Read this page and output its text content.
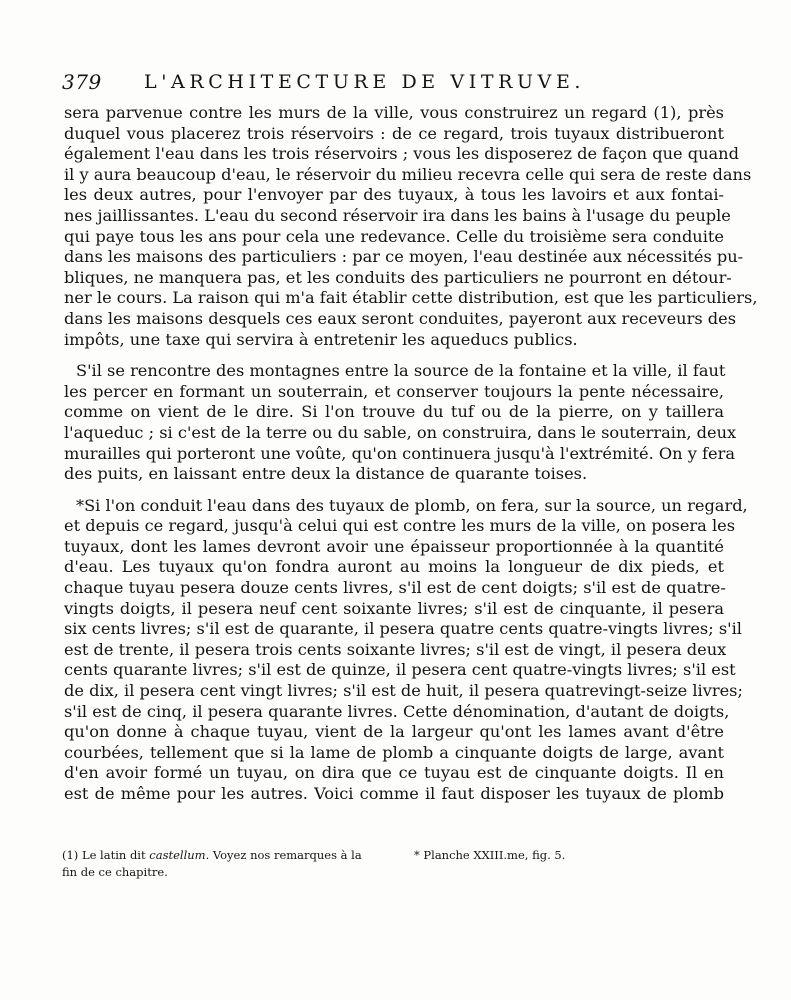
379 L'ARCHITECTURE DE VITRUVE.
sera parvenue contre les murs de la ville, vous construirez un regard (1), près
duquel vous placerez trois réservoirs : de ce regard, trois tuyaux distribueront
également l'eau dans les trois réservoirs ; vous les disposerez de façon que quand
il y aura beaucoup d'eau, le réservoir du milieu recevra celle qui sera de reste dans
les deux autres, pour l'envoyer par des tuyaux, à tous les lavoirs et aux fontai-
nes jaillissantes. L'eau du second réservoir ira dans les bains à l'usage du peuple
qui paye tous les ans pour cela une redevance. Celle du troisième sera conduite
dans les maisons des particuliers : par ce moyen, l'eau destinée aux nécessités pu-
bliques, ne manquera pas, et les conduits des particuliers ne pourront en détour-
ner le cours. La raison qui m'a fait établir cette distribution, est que les particuliers,
dans les maisons desquels ces eaux seront conduites, payeront aux receveurs des
impôts, une taxe qui servira à entretenir les aqueducs publics.
S'il se rencontre des montagnes entre la source de la fontaine et la ville, il faut
les percer en formant un souterrain, et conserver toujours la pente nécessaire,
comme on vient de le dire. Si l'on trouve du tuf ou de la pierre, on y taillera
l'aqueduc ; si c'est de la terre ou du sable, on construira, dans le souterrain, deux
murailles qui porteront une voûte, qu'on continuera jusqu'à l'extrémité. On y fera
des puits, en laissant entre deux la distance de quarante toises.
*Si l'on conduit l'eau dans des tuyaux de plomb, on fera, sur la source, un regard,
et depuis ce regard, jusqu'à celui qui est contre les murs de la ville, on posera les
tuyaux, dont les lames devront avoir une épaisseur proportionnée à la quantité
d'eau. Les tuyaux qu'on fondra auront au moins la longueur de dix pieds, et
chaque tuyau pesera douze cents livres, s'il est de cent doigts; s'il est de quatre-
vingts doigts, il pesera neuf cent soixante livres; s'il est de cinquante, il pesera
six cents livres; s'il est de quarante, il pesera quatre cents quatre-vingts livres; s'il
est de trente, il pesera trois cents soixante livres; s'il est de vingt, il pesera deux
cents quarante livres; s'il est de quinze, il pesera cent quatre-vingts livres; s'il est
de dix, il pesera cent vingt livres; s'il est de huit, il pesera quatrevingt-seize livres;
s'il est de cinq, il pesera quarante livres. Cette dénomination, d'autant de doigts,
qu'on donne à chaque tuyau, vient de la largeur qu'ont les lames avant d'être
courbées, tellement que si la lame de plomb a cinquante doigts de large, avant
d'en avoir formé un tuyau, on dira que ce tuyau est de cinquante doigts. Il en
est de même pour les autres. Voici comme il faut disposer les tuyaux de plomb
(1) Le latin dit castellum. Voyez nos remarques à la
fin de ce chapitre.
* Planche XXIII.me, fig. 5.
